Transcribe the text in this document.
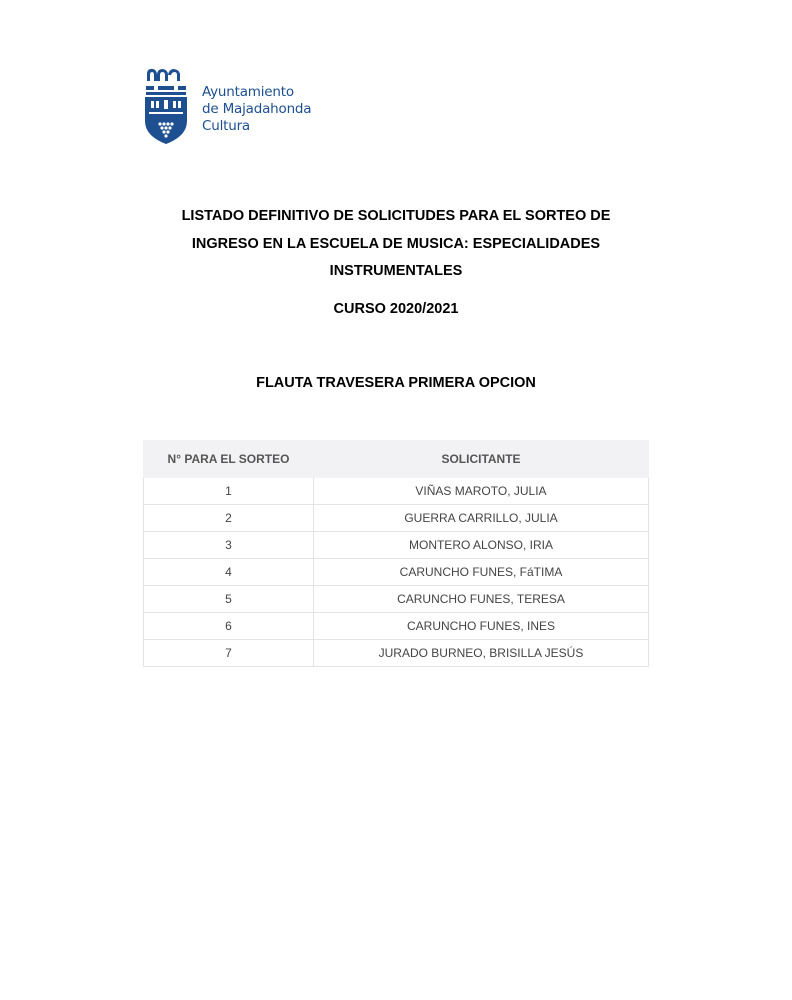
Ayuntamiento
de Majadahonda
Cultura
LISTADO DEFINITIVO DE SOLICITUDES PARA EL SORTEO DE
INGRESO EN LA ESCUELA DE MUSICA: ESPECIALIDADES
INSTRUMENTALES
CURSO 2020/2021
FLAUTA TRAVESERA PRIMERA OPCION
N° PARA EL SORTEO	SOLICITANTE
1	VIÑAS MAROTO, JULIA
2	GUERRA CARRILLO, JULIA
3	MONTERO ALONSO, IRIA
4	CARUNCHO FUNES, FáTIMA
5	CARUNCHO FUNES, TERESA
6	CARUNCHO FUNES, INES
7	JURADO BURNEO, BRISILLA JESÚS
